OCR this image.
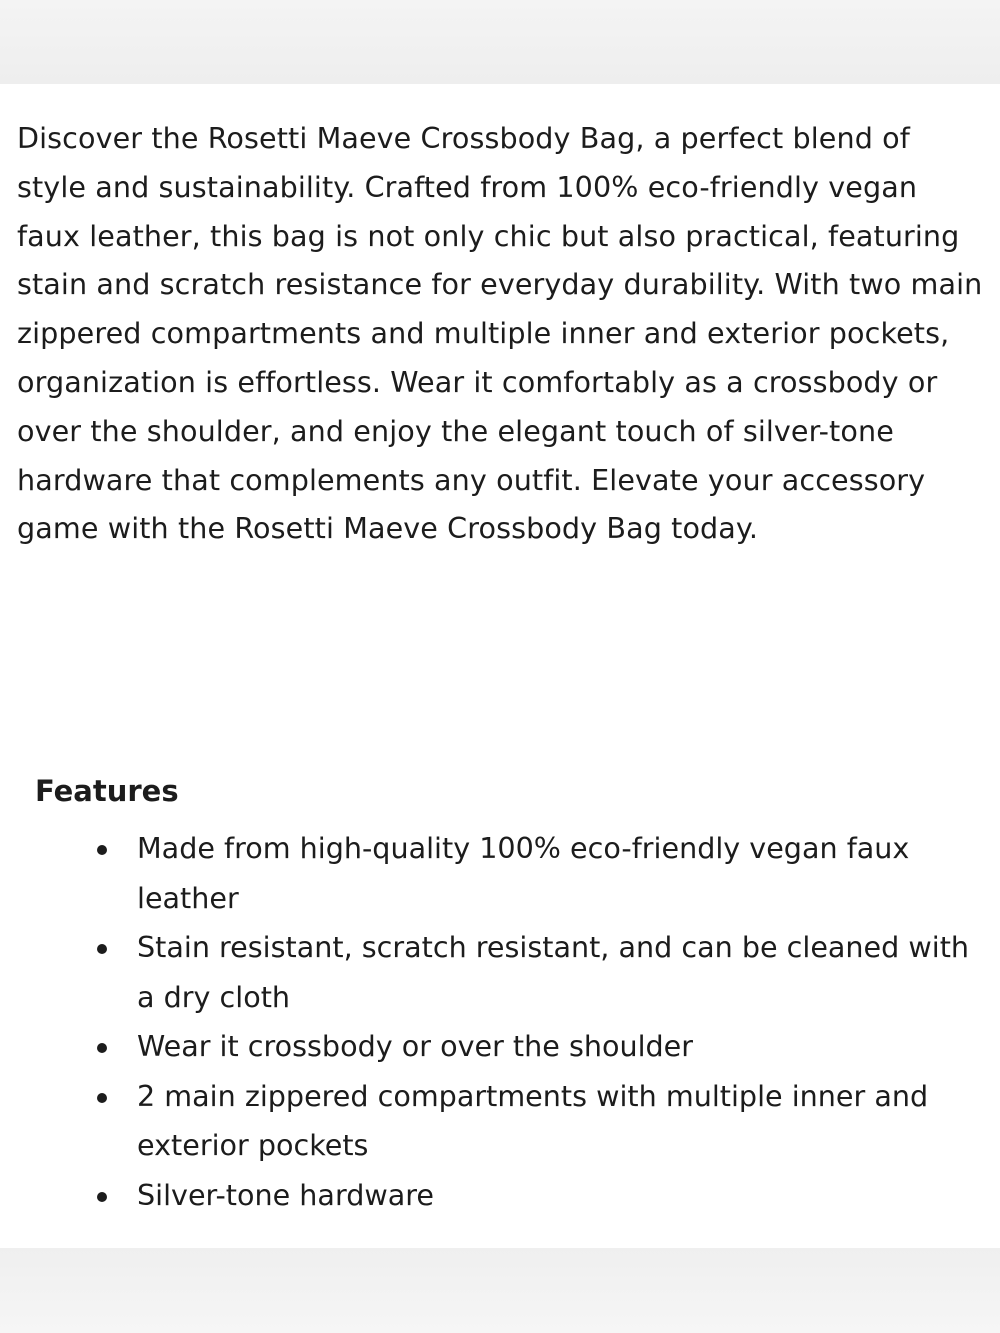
Discover the Rosetti Maeve Crossbody Bag, a perfect blend of style and sustainability. Crafted from 100% eco-friendly vegan faux leather, this bag is not only chic but also practical, featuring stain and scratch resistance for everyday durability. With two main zippered compartments and multiple inner and exterior pockets, organization is effortless. Wear it comfortably as a crossbody or over the shoulder, and enjoy the elegant touch of silver-tone hardware that complements any outfit. Elevate your accessory game with the Rosetti Maeve Crossbody Bag today.

Features
Made from high-quality 100% eco-friendly vegan faux leather
Stain resistant, scratch resistant, and can be cleaned with a dry cloth
Wear it crossbody or over the shoulder
2 main zippered compartments with multiple inner and exterior pockets
Silver-tone hardware
